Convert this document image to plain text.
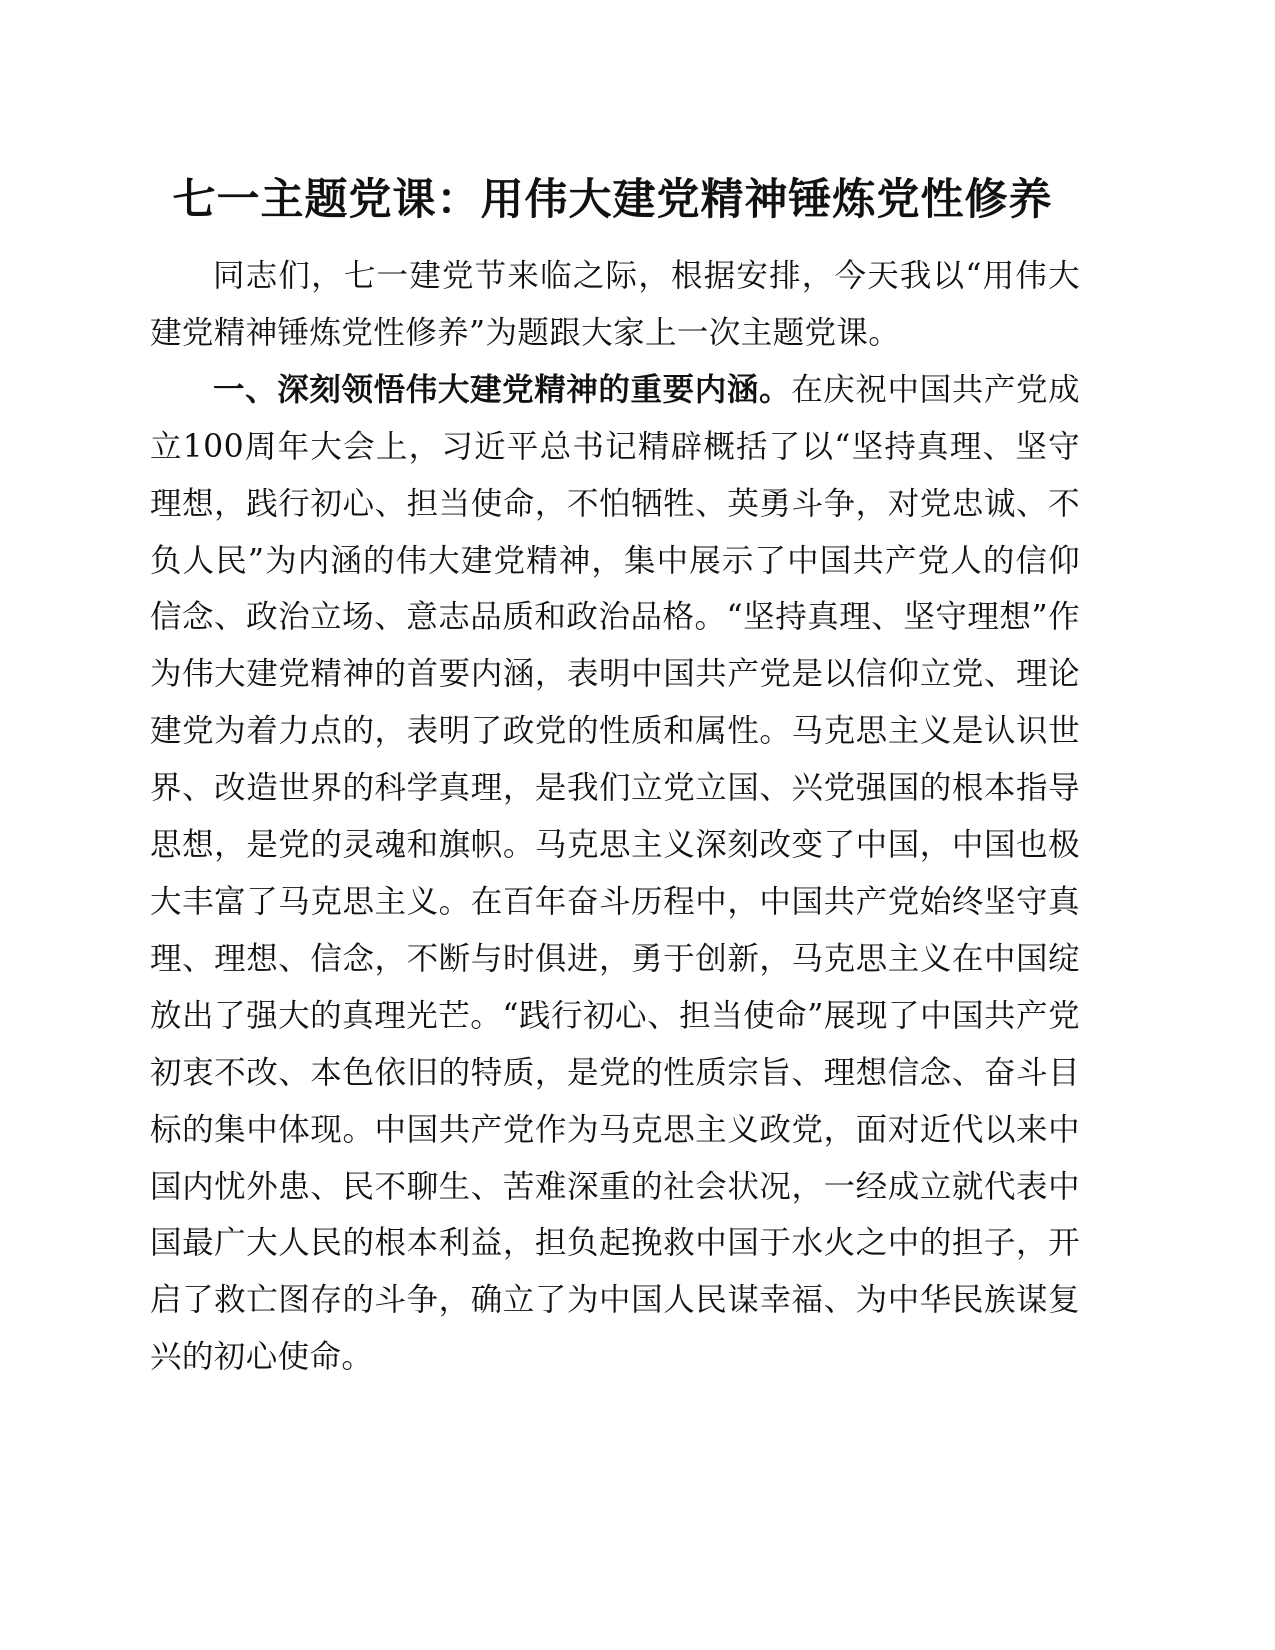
七一主题党课：用伟大建党精神锤炼党性修养

同志们，七一建党节来临之际，根据安排，今天我以“用伟大建党精神锤炼党性修养”为题跟大家上一次主题党课。

一、深刻领悟伟大建党精神的重要内涵。在庆祝中国共产党成立100周年大会上，习近平总书记精辟概括了以“坚持真理、坚守理想，践行初心、担当使命，不怕牺牲、英勇斗争，对党忠诚、不负人民”为内涵的伟大建党精神，集中展示了中国共产党人的信仰信念、政治立场、意志品质和政治品格。“坚持真理、坚守理想”作为伟大建党精神的首要内涵，表明中国共产党是以信仰立党、理论建党为着力点的，表明了政党的性质和属性。马克思主义是认识世界、改造世界的科学真理，是我们立党立国、兴党强国的根本指导思想，是党的灵魂和旗帜。马克思主义深刻改变了中国，中国也极大丰富了马克思主义。在百年奋斗历程中，中国共产党始终坚守真理、理想、信念，不断与时俱进，勇于创新，马克思主义在中国绽放出了强大的真理光芒。“践行初心、担当使命”展现了中国共产党初衷不改、本色依旧的特质，是党的性质宗旨、理想信念、奋斗目标的集中体现。中国共产党作为马克思主义政党，面对近代以来中国内忧外患、民不聊生、苦难深重的社会状况，一经成立就代表中国最广大人民的根本利益，担负起挽救中国于水火之中的担子，开启了救亡图存的斗争，确立了为中国人民谋幸福、为中华民族谋复兴的初心使命。
